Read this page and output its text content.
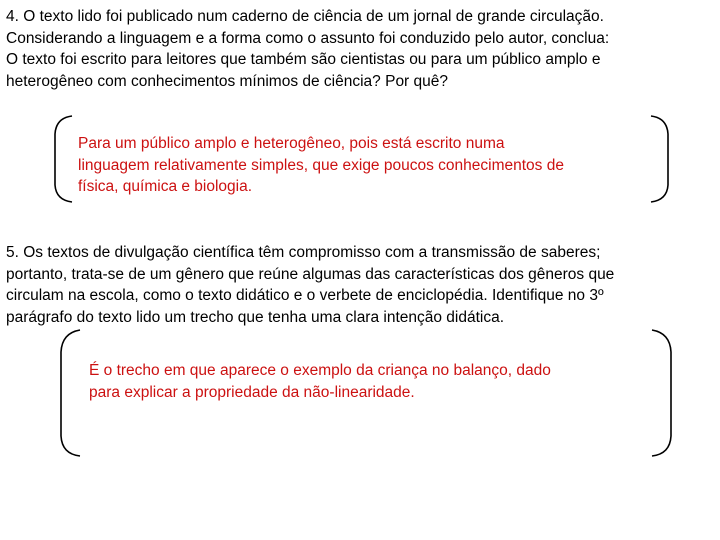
4. O texto lido foi publicado num caderno de ciência de um jornal de grande circulação.
Considerando a linguagem e a forma como o assunto foi conduzido pelo autor, conclua:
O texto foi escrito para leitores que também são cientistas ou para um público amplo e
heterogêneo com conhecimentos mínimos de ciência? Por quê?
Para um público amplo e heterogêneo, pois está escrito numa
linguagem relativamente simples, que exige poucos conhecimentos de
física, química e biologia.
5. Os textos de divulgação científica têm compromisso com a transmissão de saberes;
portanto, trata-se de um gênero que reúne algumas das características dos gêneros que
circulam na escola, como o texto didático e o verbete de enciclopédia. Identifique no 3º
parágrafo do texto lido um trecho que tenha uma clara intenção didática.
É o trecho em que aparece o exemplo da criança no balanço, dado
para explicar a propriedade da não-linearidade.
